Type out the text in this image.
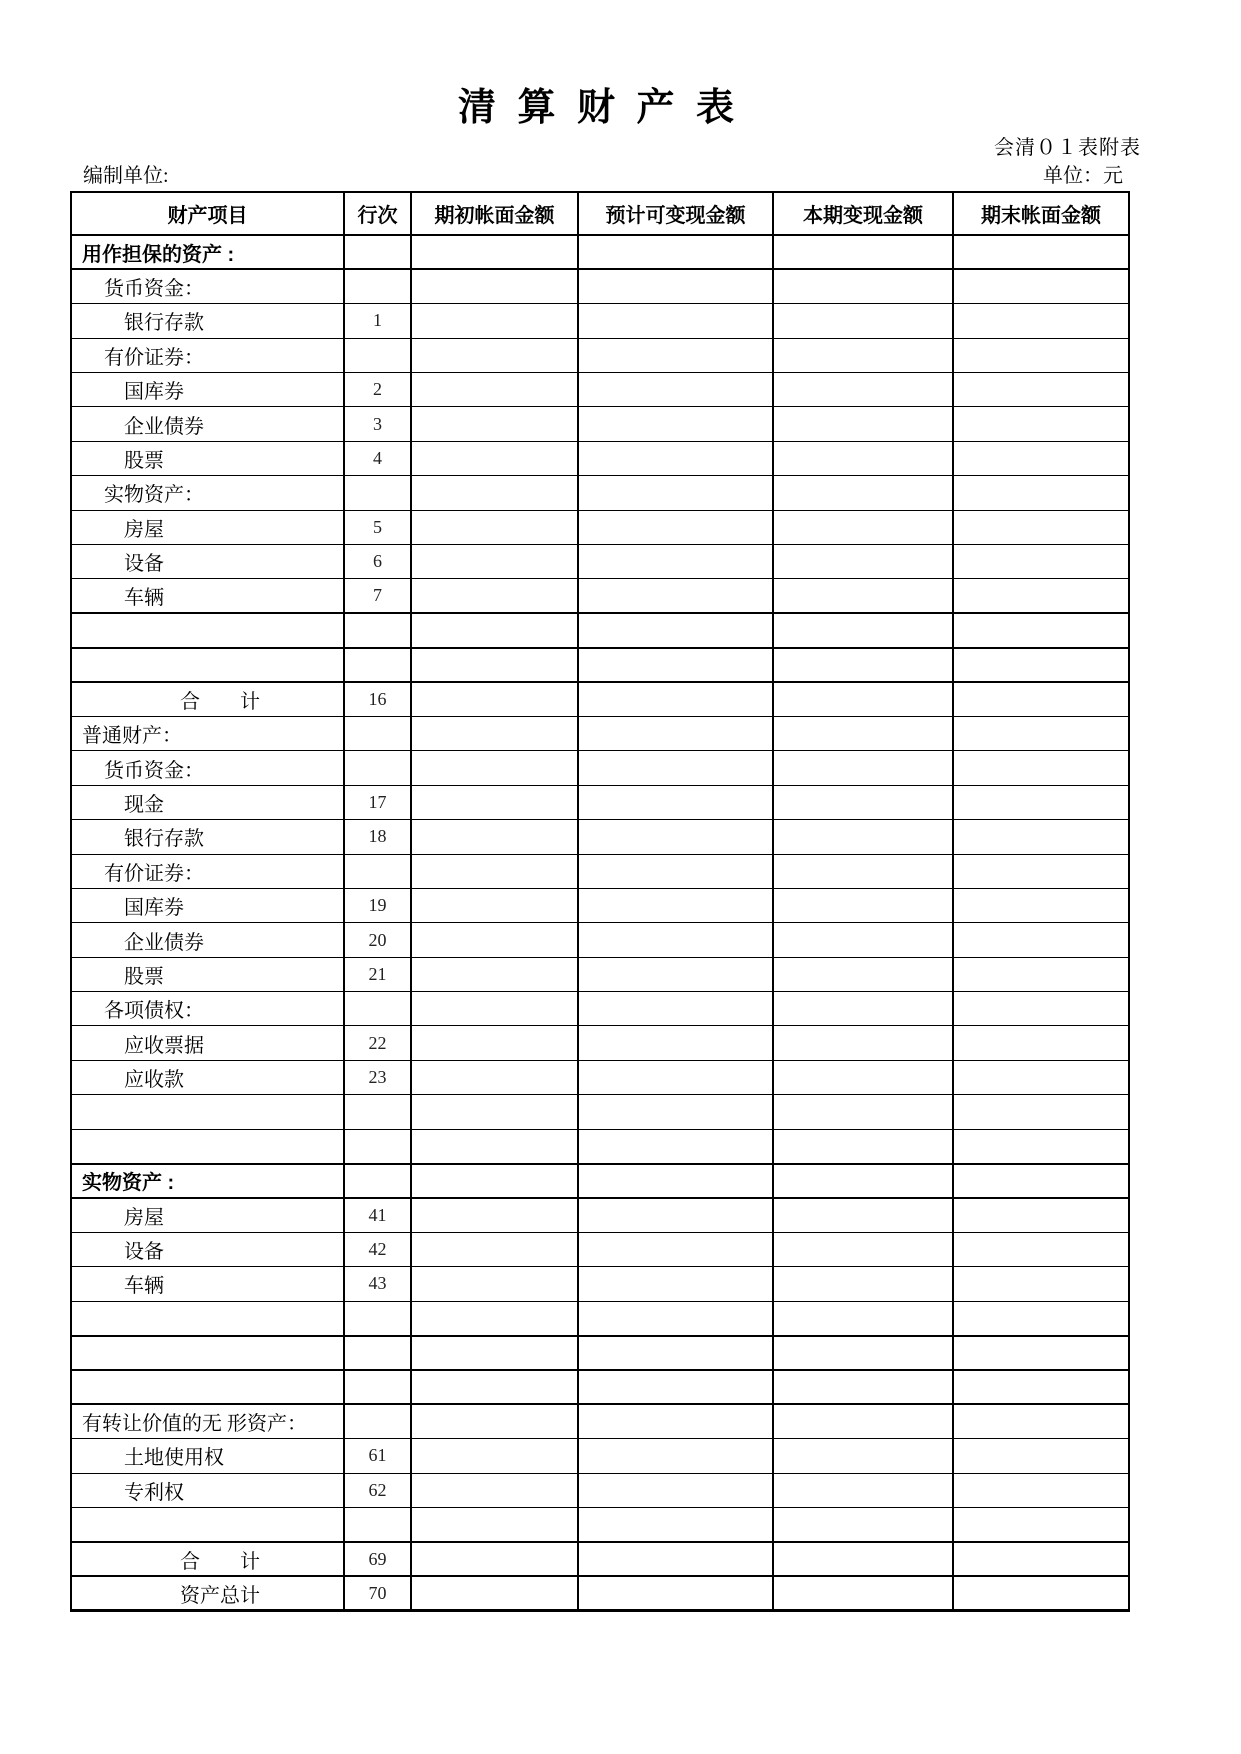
清 算 财 产 表
会清０１表附表
编制单位:	单位：元
财产项目	行次	期初帐面金额	预计可变现金额	本期变现金额	期末帐面金额
用作担保的资产 :					
货币资金：					
银行存款	1				
有价证券：					
国库券	2				
企业债券	3				
股票	4				
实物资产：					
房屋	5				
设备	6				
车辆	7				

合　　计	16				
普通财产：					
货币资金：					
现金	17				
银行存款	18				
有价证券：					
国库券	19				
企业债券	20				
股票	21				
各项债权：					
应收票据	22				
应收款	23				

实物资产 :					
房屋	41				
设备	42				
车辆	43				

有转让价值的无 形资产：					
土地使用权	61				
专利权	62				

合　　计	69				
资产总计	70				
